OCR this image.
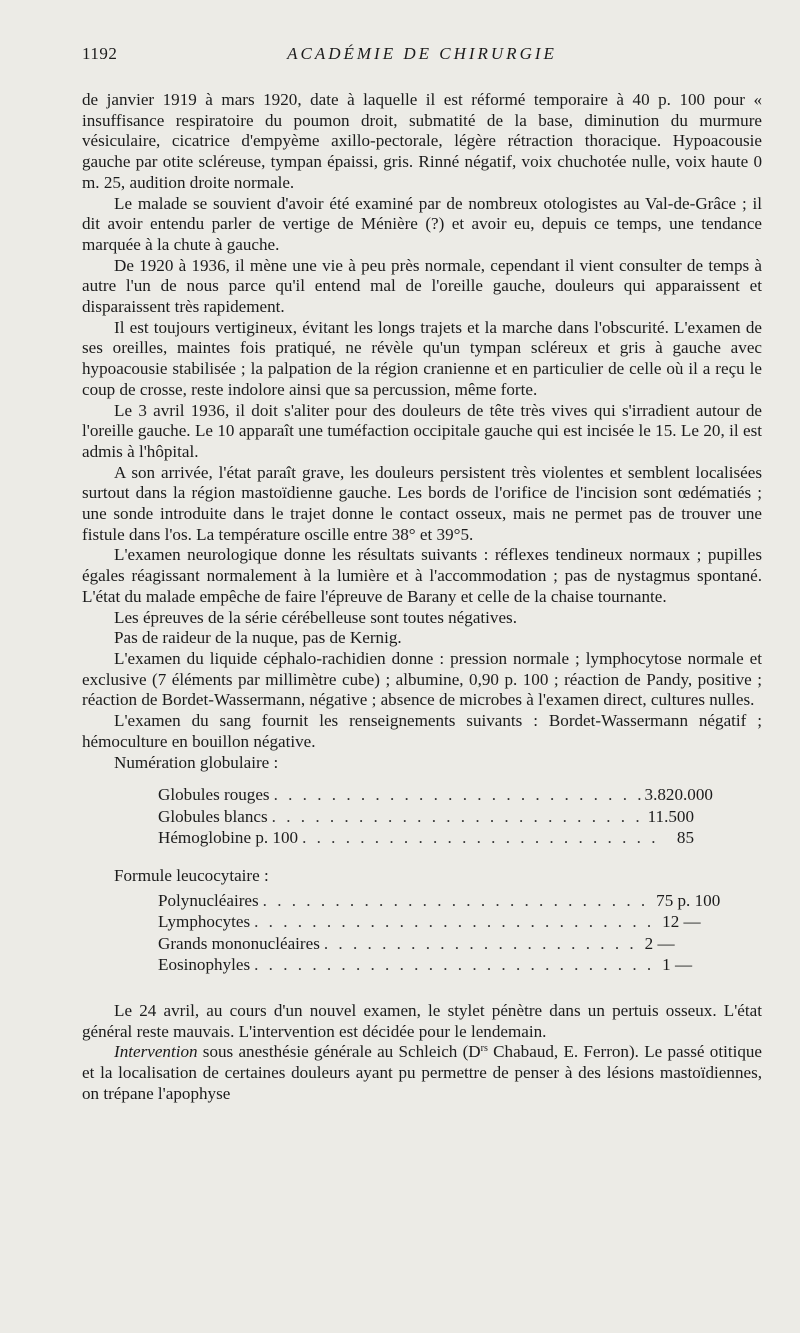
1192	ACADÉMIE DE CHIRURGIE

de janvier 1919 à mars 1920, date à laquelle il est réformé temporaire à 40 p. 100 pour « insuffisance respiratoire du poumon droit, submatité de la base, diminution du murmure vésiculaire, cicatrice d'empyème axillo-pectorale, légère rétraction thoracique. Hypoacousie gauche par otite scléreuse, tympan épaissi, gris. Rinné négatif, voix chuchotée nulle, voix haute 0 m. 25, audition droite normale.

Le malade se souvient d'avoir été examiné par de nombreux otologistes au Val-de-Grâce ; il dit avoir entendu parler de vertige de Ménière (?) et avoir eu, depuis ce temps, une tendance marquée à la chute à gauche.

De 1920 à 1936, il mène une vie à peu près normale, cependant il vient consulter de temps à autre l'un de nous parce qu'il entend mal de l'oreille gauche, douleurs qui apparaissent et disparaissent très rapidement.

Il est toujours vertigineux, évitant les longs trajets et la marche dans l'obscurité. L'examen de ses oreilles, maintes fois pratiqué, ne révèle qu'un tympan scléreux et gris à gauche avec hypoacousie stabilisée ; la palpation de la région cranienne et en particulier de celle où il a reçu le coup de crosse, reste indolore ainsi que sa percussion, même forte.

Le 3 avril 1936, il doit s'aliter pour des douleurs de tête très vives qui s'irradient autour de l'oreille gauche. Le 10 apparaît une tuméfaction occipitale gauche qui est incisée le 15. Le 20, il est admis à l'hôpital.

A son arrivée, l'état paraît grave, les douleurs persistent très violentes et semblent localisées surtout dans la région mastoïdienne gauche. Les bords de l'orifice de l'incision sont œdématiés ; une sonde introduite dans le trajet donne le contact osseux, mais ne permet pas de trouver une fistule dans l'os. La température oscille entre 38° et 39°5.

L'examen neurologique donne les résultats suivants : réflexes tendineux normaux ; pupilles égales réagissant normalement à la lumière et à l'accommodation ; pas de nystagmus spontané. L'état du malade empêche de faire l'épreuve de Barany et celle de la chaise tournante.

Les épreuves de la série cérébelleuse sont toutes négatives.

Pas de raideur de la nuque, pas de Kernig.

L'examen du liquide céphalo-rachidien donne : pression normale ; lymphocytose normale et exclusive (7 éléments par millimètre cube) ; albumine, 0,90 p. 100 ; réaction de Pandy, positive ; réaction de Bordet-Wassermann, négative ; absence de microbes à l'examen direct, cultures nulles.

L'examen du sang fournit les renseignements suivants : Bordet-Wassermann négatif ; hémoculture en bouillon négative.

Numération globulaire :

Globules rouges . . . . . . . . . . . . . . . . . . . . . . . . . . 3.820.000
Globules blancs . . . . . . . . . . . . . . . . . . . . . . . . . . 11.500
Hémoglobine p. 100 . . . . . . . . . . . . . . . . . . . . . . . . .	85

Formule leucocytaire :

Polynucléaires . . . . . . . . . . . . . . . . . . . . . . . . . . . 75 p. 100
Lymphocytes . . . . . . . . . . . . . . . . . . . . . . . . . . . . 12 —
Grands mononucléaires . . . . . . . . . . . . . . . . . . . . . . 2 —
Eosinophyles . . . . . . . . . . . . . . . . . . . . . . . . . . . . 1 —

Le 24 avril, au cours d'un nouvel examen, le stylet pénètre dans un pertuis osseux. L'état général reste mauvais. L'intervention est décidée pour le lendemain.

Intervention sous anesthésie générale au Schleich ($D^{rs}$ Chabaud, E. Ferron). Le passé otitique et la localisation de certaines douleurs ayant pu permettre de penser à des lésions mastoïdiennes, on trépane l'apophyse
